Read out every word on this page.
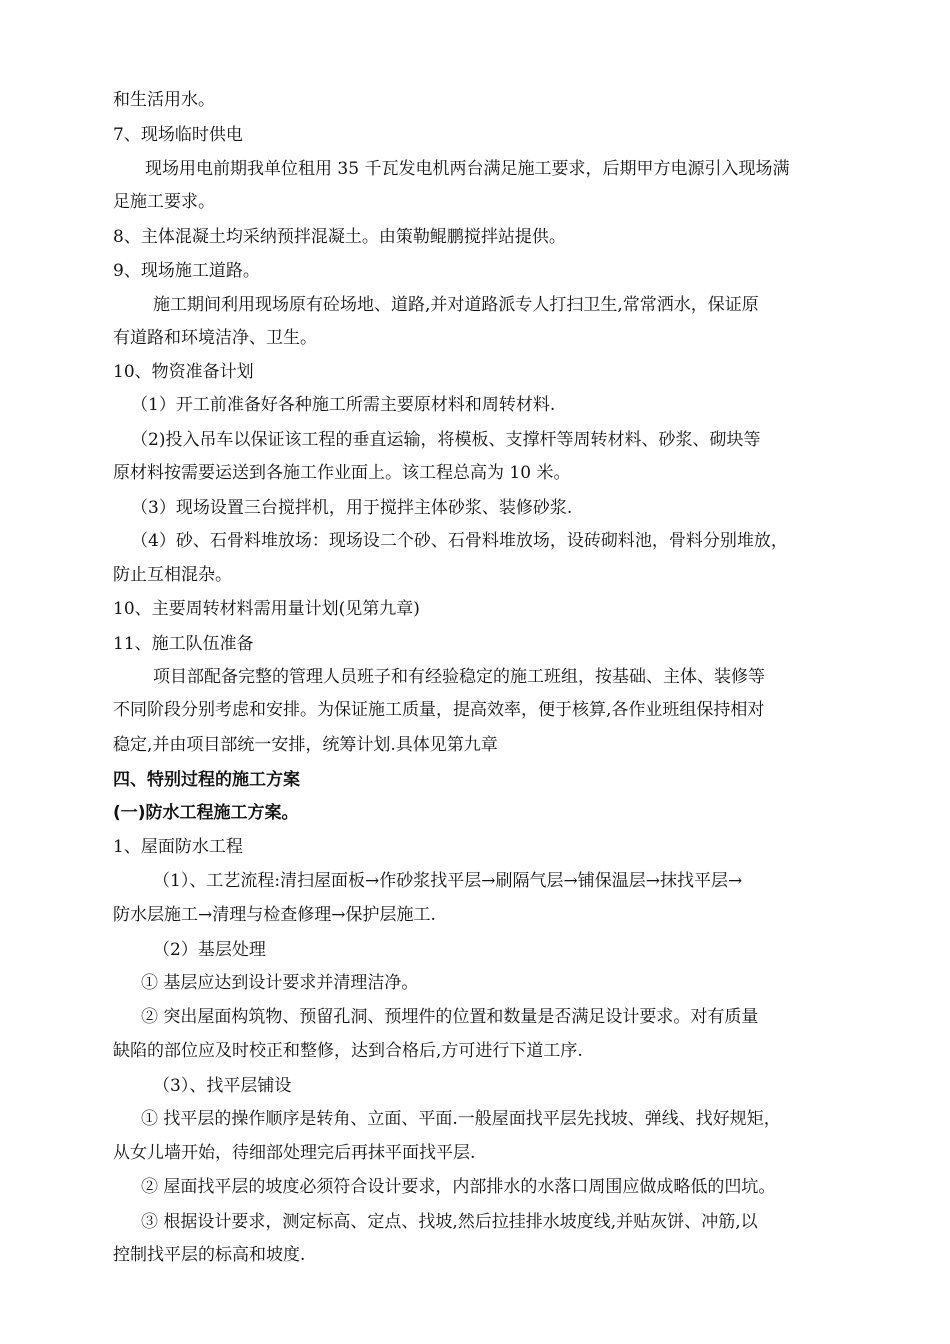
和生活用水。
7、现场临时供电
现场用电前期我单位租用 35 千瓦发电机两台满足施工要求，后期甲方电源引入现场满
足施工要求。
8、主体混凝土均采纳预拌混凝土。由策勒鲲鹏搅拌站提供。
9、现场施工道路。
施工期间利用现场原有砼场地、道路,并对道路派专人打扫卫生,常常洒水，保证原
有道路和环境洁净、卫生。
10、物资准备计划
（1）开工前准备好各种施工所需主要原材料和周转材料.
（2)投入吊车以保证该工程的垂直运输，将模板、支撑杆等周转材料、砂浆、砌块等
原材料按需要运送到各施工作业面上。该工程总高为 10 米。
（3）现场设置三台搅拌机，用于搅拌主体砂浆、装修砂浆.
（4）砂、石骨料堆放场：现场设二个砂、石骨料堆放场，设砖砌料池，骨料分别堆放，
防止互相混杂。
10、主要周转材料需用量计划(见第九章)
11、施工队伍准备
项目部配备完整的管理人员班子和有经验稳定的施工班组，按基础、主体、装修等
不同阶段分别考虑和安排。为保证施工质量，提高效率，便于核算,各作业班组保持相对
稳定,并由项目部统一安排，统筹计划.具体见第九章
四、特别过程的施工方案
(一)防水工程施工方案。
1、屋面防水工程
（1）、工艺流程:清扫屋面板→作砂浆找平层→刷隔气层→铺保温层→抹找平层→
防水层施工→清理与检查修理→保护层施工.
（2）基层处理
① 基层应达到设计要求并清理洁净。
② 突出屋面构筑物、预留孔洞、预埋件的位置和数量是否满足设计要求。对有质量
缺陷的部位应及时校正和整修，达到合格后,方可进行下道工序.
（3）、找平层铺设
① 找平层的操作顺序是转角、立面、平面.一般屋面找平层先找坡、弹线、找好规矩，
从女儿墙开始，待细部处理完后再抹平面找平层.
② 屋面找平层的坡度必须符合设计要求，内部排水的水落口周围应做成略低的凹坑。
③ 根据设计要求，测定标高、定点、找坡,然后拉挂排水坡度线,并贴灰饼、冲筋,以
控制找平层的标高和坡度.
